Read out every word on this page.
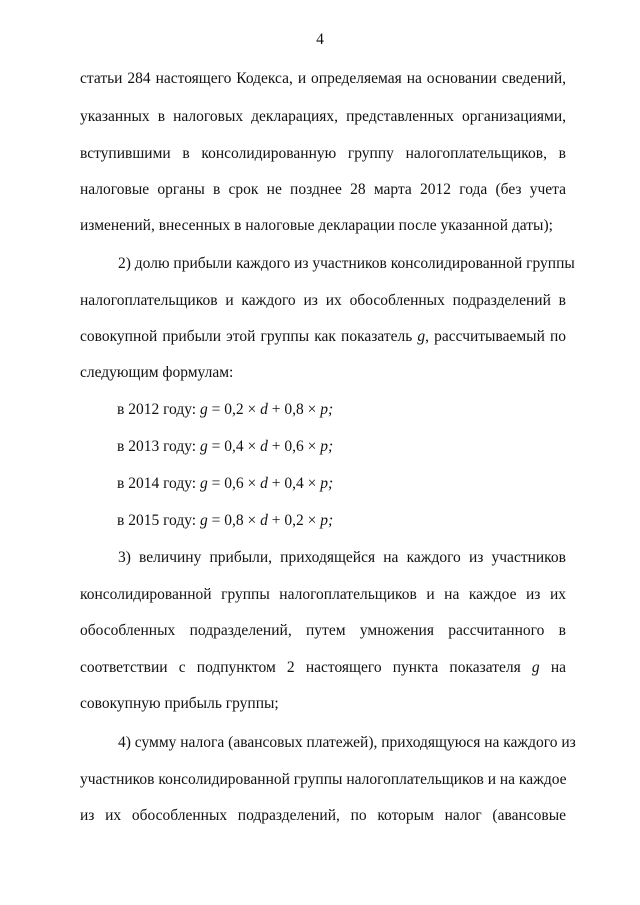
4
статьи 284 настоящего Кодекса, и определяемая на основании сведений,
указанных в налоговых декларациях, представленных организациями,
вступившими в консолидированную группу налогоплательщиков, в
налоговые органы в срок не позднее 28 марта 2012 года (без учета
изменений, внесенных в налоговые декларации после указанной даты);
2) долю прибыли каждого из участников консолидированной группы
налогоплательщиков и каждого из их обособленных подразделений в
совокупной прибыли этой группы как показатель g, рассчитываемый по
следующим формулам:
в 2012 году: g = 0,2 × d + 0,8 × p;
в 2013 году: g = 0,4 × d + 0,6 × p;
в 2014 году: g = 0,6 × d + 0,4 × p;
в 2015 году: g = 0,8 × d + 0,2 × p;
3) величину прибыли, приходящейся на каждого из участников
консолидированной группы налогоплательщиков и на каждое из их
обособленных подразделений, путем умножения рассчитанного в
соответствии с подпунктом 2 настоящего пункта показателя g на
совокупную прибыль группы;
4) сумму налога (авансовых платежей), приходящуюся на каждого из
участников консолидированной группы налогоплательщиков и на каждое
из их обособленных подразделений, по которым налог (авансовые
